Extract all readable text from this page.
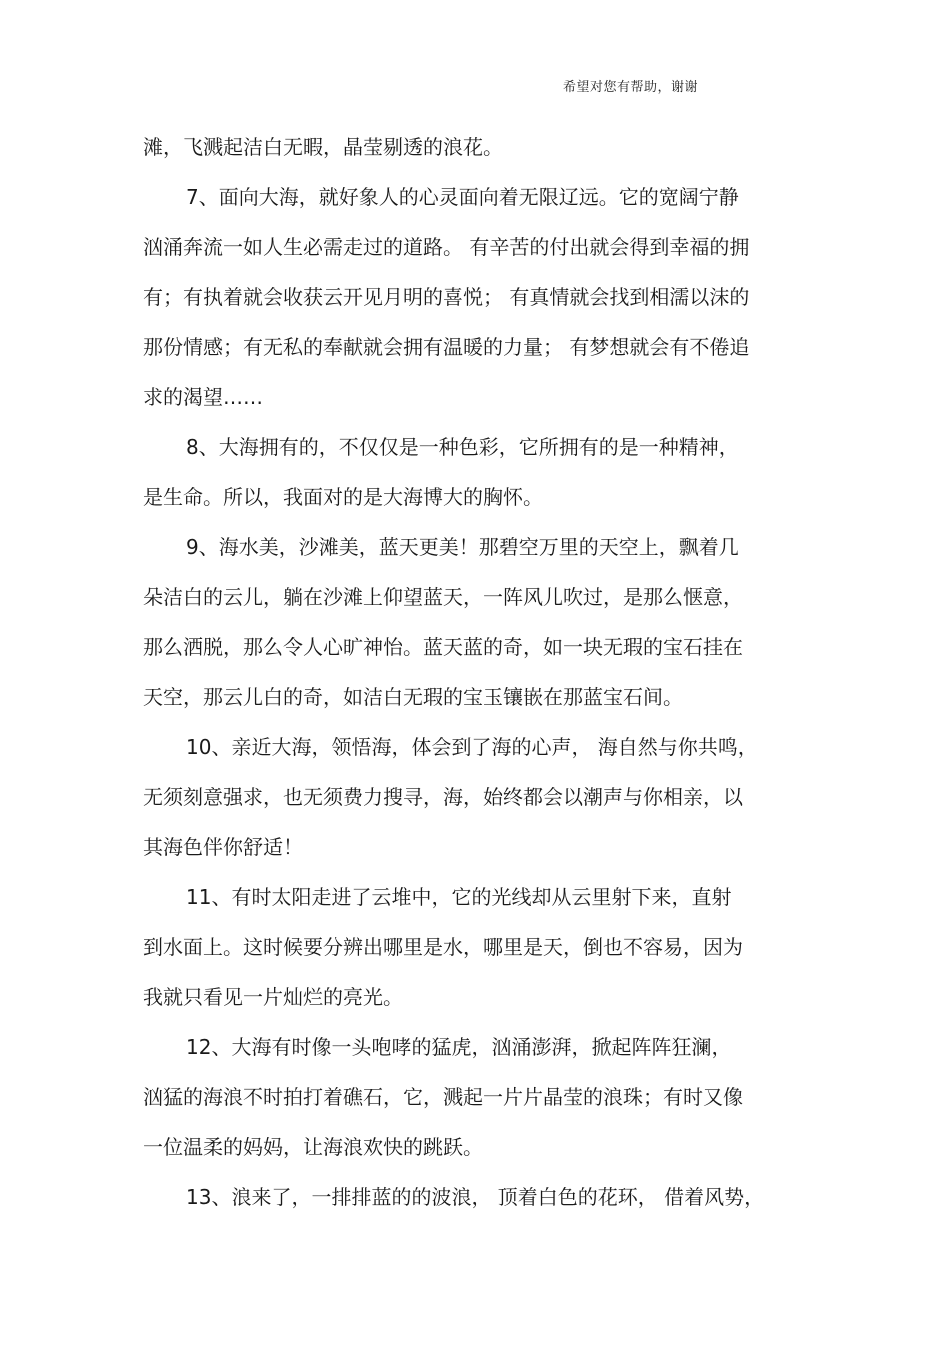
希望对您有帮助，谢谢
滩，飞溅起洁白无暇，晶莹剔透的浪花。
7、面向大海，就好象人的心灵面向着无限辽远。它的宽阔宁静
汹涌奔流一如人生必需走过的道路。 有辛苦的付出就会得到幸福的拥
有；有执着就会收获云开见月明的喜悦； 有真情就会找到相濡以沫的
那份情感；有无私的奉献就会拥有温暖的力量； 有梦想就会有不倦追
求的渴望……
8、大海拥有的，不仅仅是一种色彩，它所拥有的是一种精神，
是生命。所以，我面对的是大海博大的胸怀。
9、海水美，沙滩美，蓝天更美！那碧空万里的天空上，飘着几
朵洁白的云儿，躺在沙滩上仰望蓝天，一阵风儿吹过，是那么惬意，
那么洒脱，那么令人心旷神怡。蓝天蓝的奇，如一块无瑕的宝石挂在
天空，那云儿白的奇，如洁白无瑕的宝玉镶嵌在那蓝宝石间。
10、亲近大海，领悟海，体会到了海的心声， 海自然与你共鸣，
无须刻意强求，也无须费力搜寻，海，始终都会以潮声与你相亲，以
其海色伴你舒适！
11、有时太阳走进了云堆中，它的光线却从云里射下来，直射
到水面上。这时候要分辨出哪里是水，哪里是天，倒也不容易，因为
我就只看见一片灿烂的亮光。
12、大海有时像一头咆哮的猛虎，汹涌澎湃，掀起阵阵狂澜，
汹猛的海浪不时拍打着礁石，它，溅起一片片晶莹的浪珠；有时又像
一位温柔的妈妈，让海浪欢快的跳跃。
13、浪来了，一排排蓝的的波浪， 顶着白色的花环， 借着风势，
